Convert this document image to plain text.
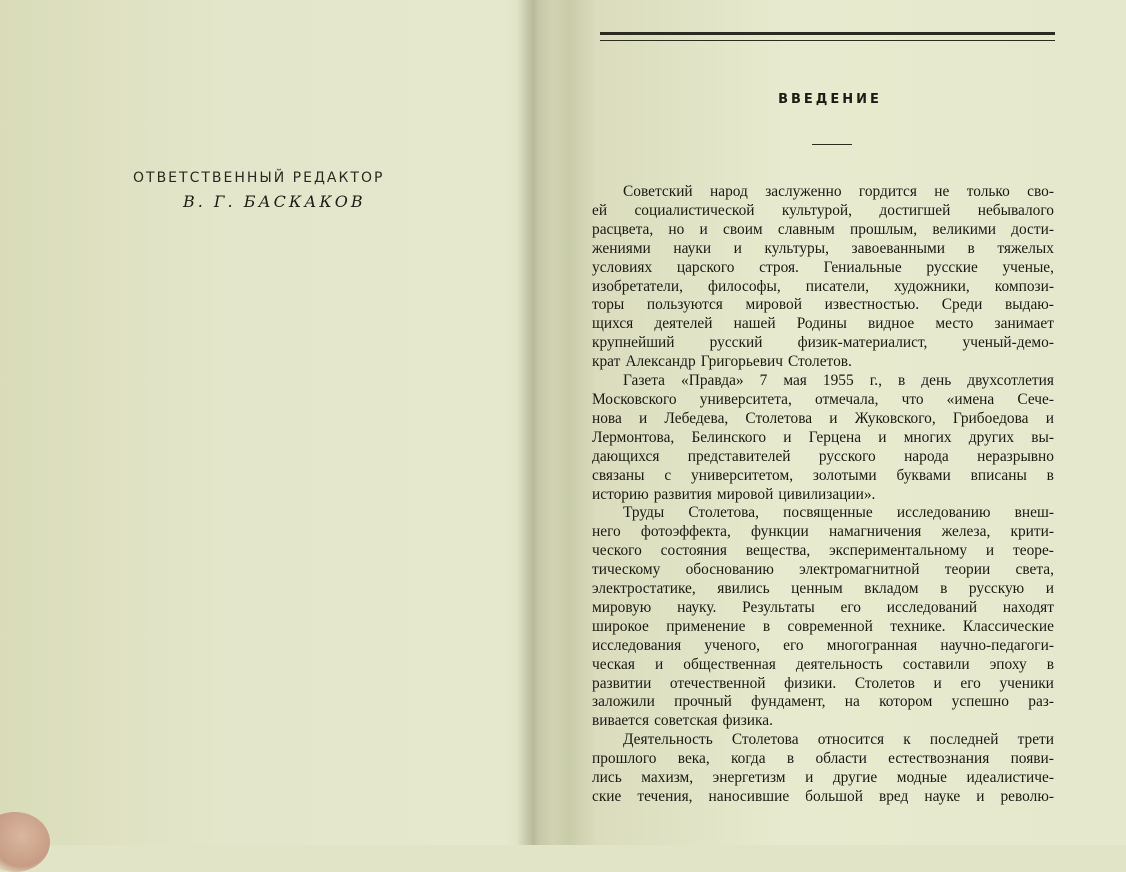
ОТВЕТСТВЕННЫЙ РЕДАКТОР
В. Г. БАСКАКОВ
ВВЕДЕНИЕ
Советский народ заслуженно гордится не только сво-
ей социалистической культурой, достигшей небывалого
расцвета, но и своим славным прошлым, великими дости-
жениями науки и культуры, завоеванными в тяжелых
условиях царского строя. Гениальные русские ученые,
изобретатели, философы, писатели, художники, компози-
торы пользуются мировой известностью. Среди выдаю-
щихся деятелей нашей Родины видное место занимает
крупнейший русский физик-материалист, ученый-демо-
крат Александр Григорьевич Столетов.
Газета «Правда» 7 мая 1955 г., в день двухсотлетия
Московского университета, отмечала, что «имена Сече-
нова и Лебедева, Столетова и Жуковского, Грибоедова и
Лермонтова, Белинского и Герцена и многих других вы-
дающихся представителей русского народа неразрывно
связаны с университетом, золотыми буквами вписаны в
историю развития мировой цивилизации».
Труды Столетова, посвященные исследованию внеш-
него фотоэффекта, функции намагничения железа, крити-
ческого состояния вещества, экспериментальному и теоре-
тическому обоснованию электромагнитной теории света,
электростатике, явились ценным вкладом в русскую и
мировую науку. Результаты его исследований находят
широкое применение в современной технике. Классические
исследования ученого, его многогранная научно-педагоги-
ческая и общественная деятельность составили эпоху в
развитии отечественной физики. Столетов и его ученики
заложили прочный фундамент, на котором успешно раз-
вивается советская физика.
Деятельность Столетова относится к последней трети
прошлого века, когда в области естествознания появи-
лись махизм, энергетизм и другие модные идеалистиче-
ские течения, наносившие большой вред науке и револю-
